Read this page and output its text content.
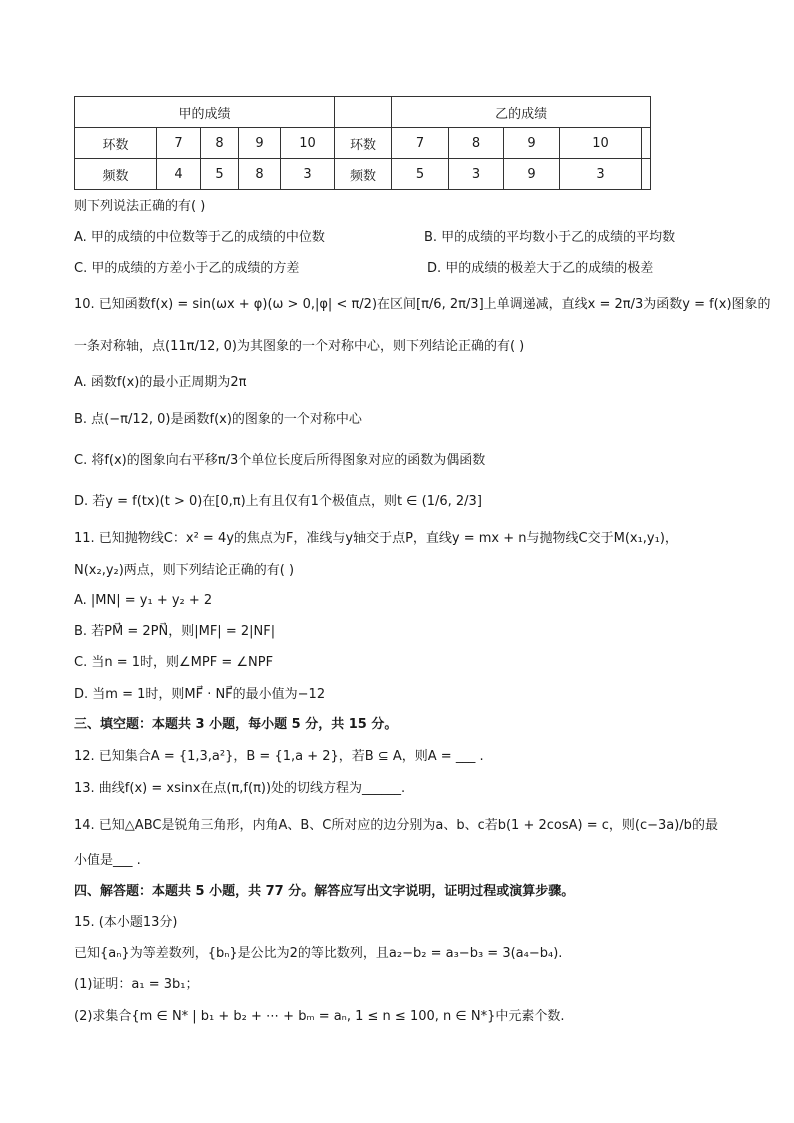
甲的成绩						乙的成绩				
环数	7	8	9	10	环数	7	8	9	10	
频数	4	5	8	3	频数	5	3	9	3	
则下列说法正确的有( )
A. 甲的成绩的中位数等于乙的成绩的中位数	B. 甲的成绩的平均数小于乙的成绩的平均数
C. 甲的成绩的方差小于乙的成绩的方差	D. 甲的成绩的极差大于乙的成绩的极差
10. 已知函数f(x) = sin(ωx + φ)(ω > 0,|φ| < π/2)在区间[π/6, 2π/3]上单调递减，直线x = 2π/3为函数y = f(x)图象的
一条对称轴，点(11π/12, 0)为其图象的一个对称中心，则下列结论正确的有( )
A. 函数f(x)的最小正周期为2π
B. 点(−π/12, 0)是函数f(x)的图象的一个对称中心
C. 将f(x)的图象向右平移π/3个单位长度后所得图象对应的函数为偶函数
D. 若y = f(tx)(t > 0)在[0,π)上有且仅有1个极值点，则t ∈ (1/6, 2/3]
11. 已知抛物线C：x² = 4y的焦点为F，准线与y轴交于点P，直线y = mx + n与抛物线C交于M(x₁,y₁)，
N(x₂,y₂)两点，则下列结论正确的有( )
A. |MN| = y₁ + y₂ + 2
B. 若PM⃗ = 2PN⃗，则|MF| = 2|NF|
C. 当n = 1时，则∠MPF = ∠NPF
D. 当m = 1时，则MF⃗ · NF⃗的最小值为−12
三、填空题：本题共 3 小题，每小题 5 分，共 15 分。
12. 已知集合A = {1,3,a²}，B = {1,a + 2}，若B ⊆ A，则A = ___ .
13. 曲线f(x) = xsinx在点(π,f(π))处的切线方程为______.
14. 已知△ABC是锐角三角形，内角A、B、C所对应的边分别为a、b、c若b(1 + 2cosA) = c，则(c−3a)/b的最
小值是___ .
四、解答题：本题共 5 小题，共 77 分。解答应写出文字说明，证明过程或演算步骤。
15. (本小题13分)
已知{aₙ}为等差数列，{bₙ}是公比为2的等比数列，且a₂−b₂ = a₃−b₃ = 3(a₄−b₄).
(1)证明：a₁ = 3b₁；
(2)求集合{m ∈ N* | b₁ + b₂ + ⋯ + bₘ = aₙ, 1 ≤ n ≤ 100, n ∈ N*}中元素个数.
